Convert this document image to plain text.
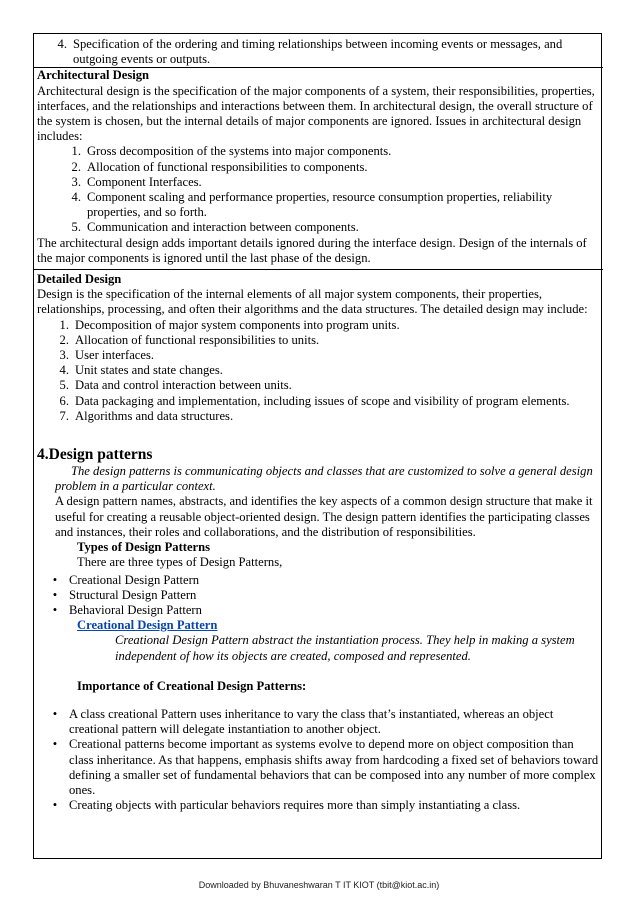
4. Specification of the ordering and timing relationships between incoming events or messages, and outgoing events or outputs.

Architectural Design

Architectural design is the specification of the major components of a system, their responsibilities, properties, interfaces, and the relationships and interactions between them. In architectural design, the overall structure of the system is chosen, but the internal details of major components are ignored. Issues in architectural design includes:

1. Gross decomposition of the systems into major components.
2. Allocation of functional responsibilities to components.
3. Component Interfaces.
4. Component scaling and performance properties, resource consumption properties, reliability properties, and so forth.
5. Communication and interaction between components.

The architectural design adds important details ignored during the interface design. Design of the internals of the major components is ignored until the last phase of the design.

Detailed Design

Design is the specification of the internal elements of all major system components, their properties, relationships, processing, and often their algorithms and the data structures. The detailed design may include:

1. Decomposition of major system components into program units.
2. Allocation of functional responsibilities to units.
3. User interfaces.
4. Unit states and state changes.
5. Data and control interaction between units.
6. Data packaging and implementation, including issues of scope and visibility of program elements.
7. Algorithms and data structures.
4.Design patterns

The design patterns is communicating objects and classes that are customized to solve a general design problem in a particular context.

A design pattern names, abstracts, and identifies the key aspects of a common design structure that make it useful for creating a reusable object-oriented design. The design pattern identifies the participating classes and instances, their roles and collaborations, and the distribution of responsibilities.

Types of Design Patterns

There are three types of Design Patterns,

• Creational Design Pattern
• Structural Design Pattern
• Behavioral Design Pattern
Creational Design Pattern

Creational Design Pattern abstract the instantiation process. They help in making a system independent of how its objects are created, composed and represented.

Importance of Creational Design Patterns:

• A class creational Pattern uses inheritance to vary the class that’s instantiated, whereas an object creational pattern will delegate instantiation to another object.
• Creational patterns become important as systems evolve to depend more on object composition than class inheritance. As that happens, emphasis shifts away from hardcoding a fixed set of behaviors toward defining a smaller set of fundamental behaviors that can be composed into any number of more complex ones.
• Creating objects with particular behaviors requires more than simply instantiating a class.
Downloaded by Bhuvaneshwaran T IT KIOT (tbit@kiot.ac.in)
